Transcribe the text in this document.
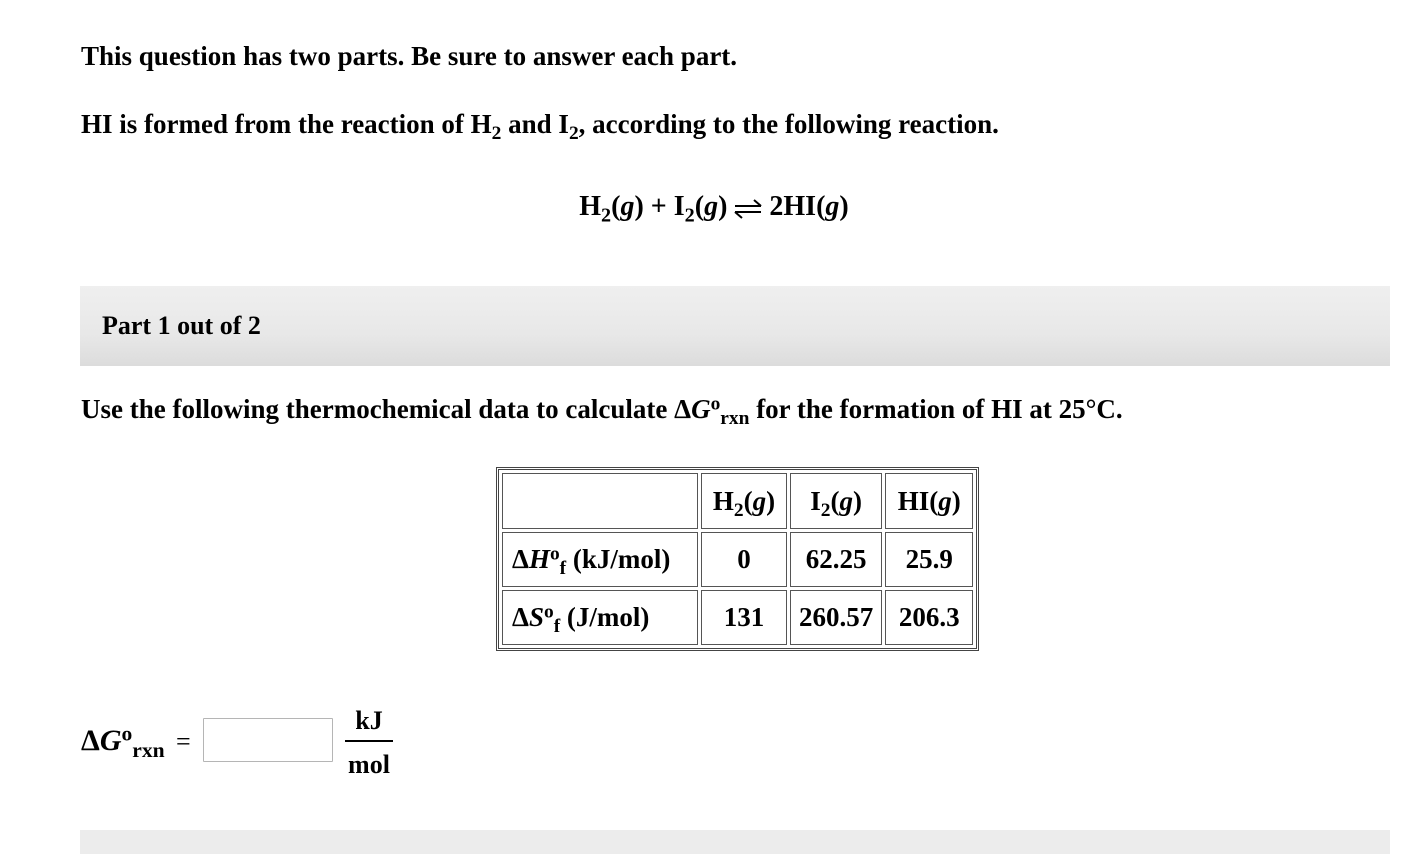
This question has two parts. Be sure to answer each part.
HI is formed from the reaction of $H_2$ and $I_2$, according to the following reaction.
$H_2(g) + I_2(g)$ ⇌ 2HI(g)
Part 1 out of 2
Use the following thermochemical data to calculate $\Delta G^o_{rxn}$ for the formation of HI at 25°C.
	$H_2(g)$	$I_2(g)$	HI(g)
$\Delta H^o_f$ (kJ/mol)	0	62.25	25.9
$\Delta S^o_f$ (J/mol)	131	260.57	206.3
$\Delta G^o_{rxn}$ =
kJ
mol
